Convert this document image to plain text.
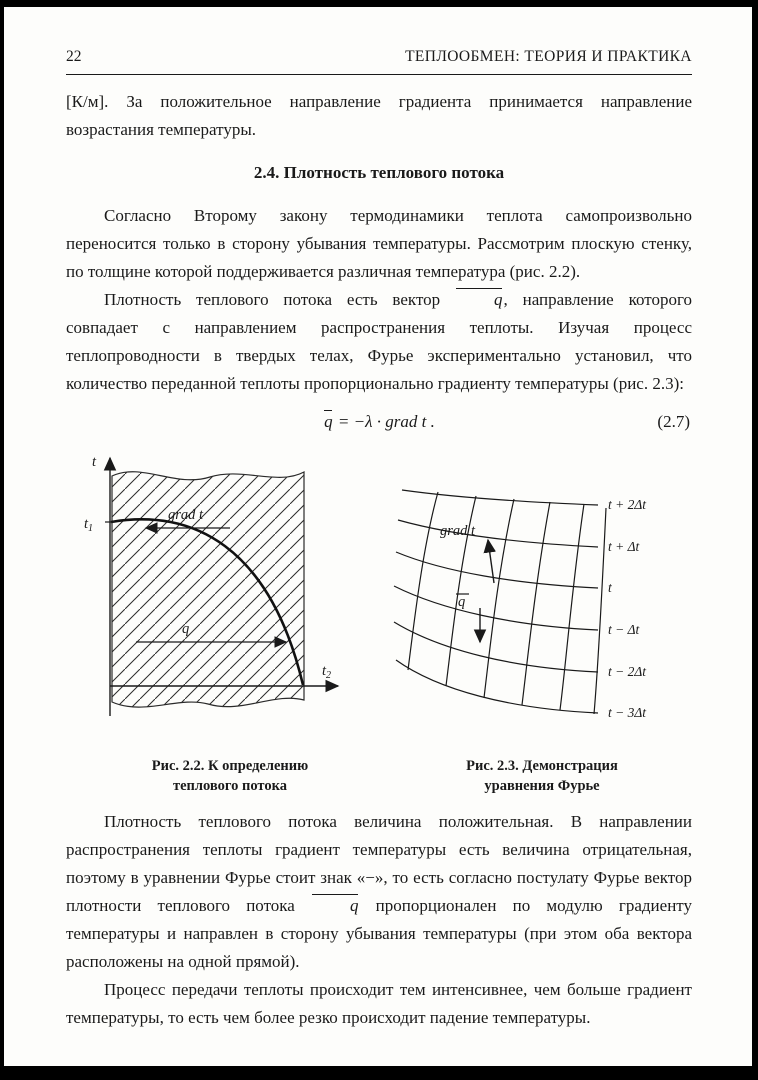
22	ТЕПЛООБМЕН: ТЕОРИЯ И ПРАКТИКА

[К/м]. За положительное направление градиента принимается направление возрастания температуры.

2.4. Плотность теплового потока

Согласно Второму закону термодинамики теплота самопроизвольно переносится только в сторону убывания температуры. Рассмотрим плоскую стенку, по толщине которой поддерживается различная температура (рис. 2.2).

Плотность теплового потока есть вектор q, направление которого совпадает с направлением распространения теплоты. Изучая процесс теплопроводности в твердых телах, Фурье экспериментально установил, что количество переданной теплоты пропорционально градиенту температуры (рис. 2.3):

q = −λ · grad t .	(2.7)
t
$t_1$
$t_2$
grad t
q
Рис. 2.2. К определению
теплового потока
grad t
q
t + 2Δt
t + Δt
t
t − Δt
t − 2Δt
t − 3Δt
Рис. 2.3. Демонстрация
уравнения Фурье

Плотность теплового потока величина положительная. В направлении распространения теплоты градиент температуры есть величина отрицательная, поэтому в уравнении Фурье стоит знак «−», то есть согласно постулату Фурье вектор плотности теплового потока q пропорционален по модулю градиенту температуры и направлен в сторону убывания температуры (при этом оба вектора расположены на одной прямой).

Процесс передачи теплоты происходит тем интенсивнее, чем больше градиент температуры, то есть чем более резко происходит падение температуры.
